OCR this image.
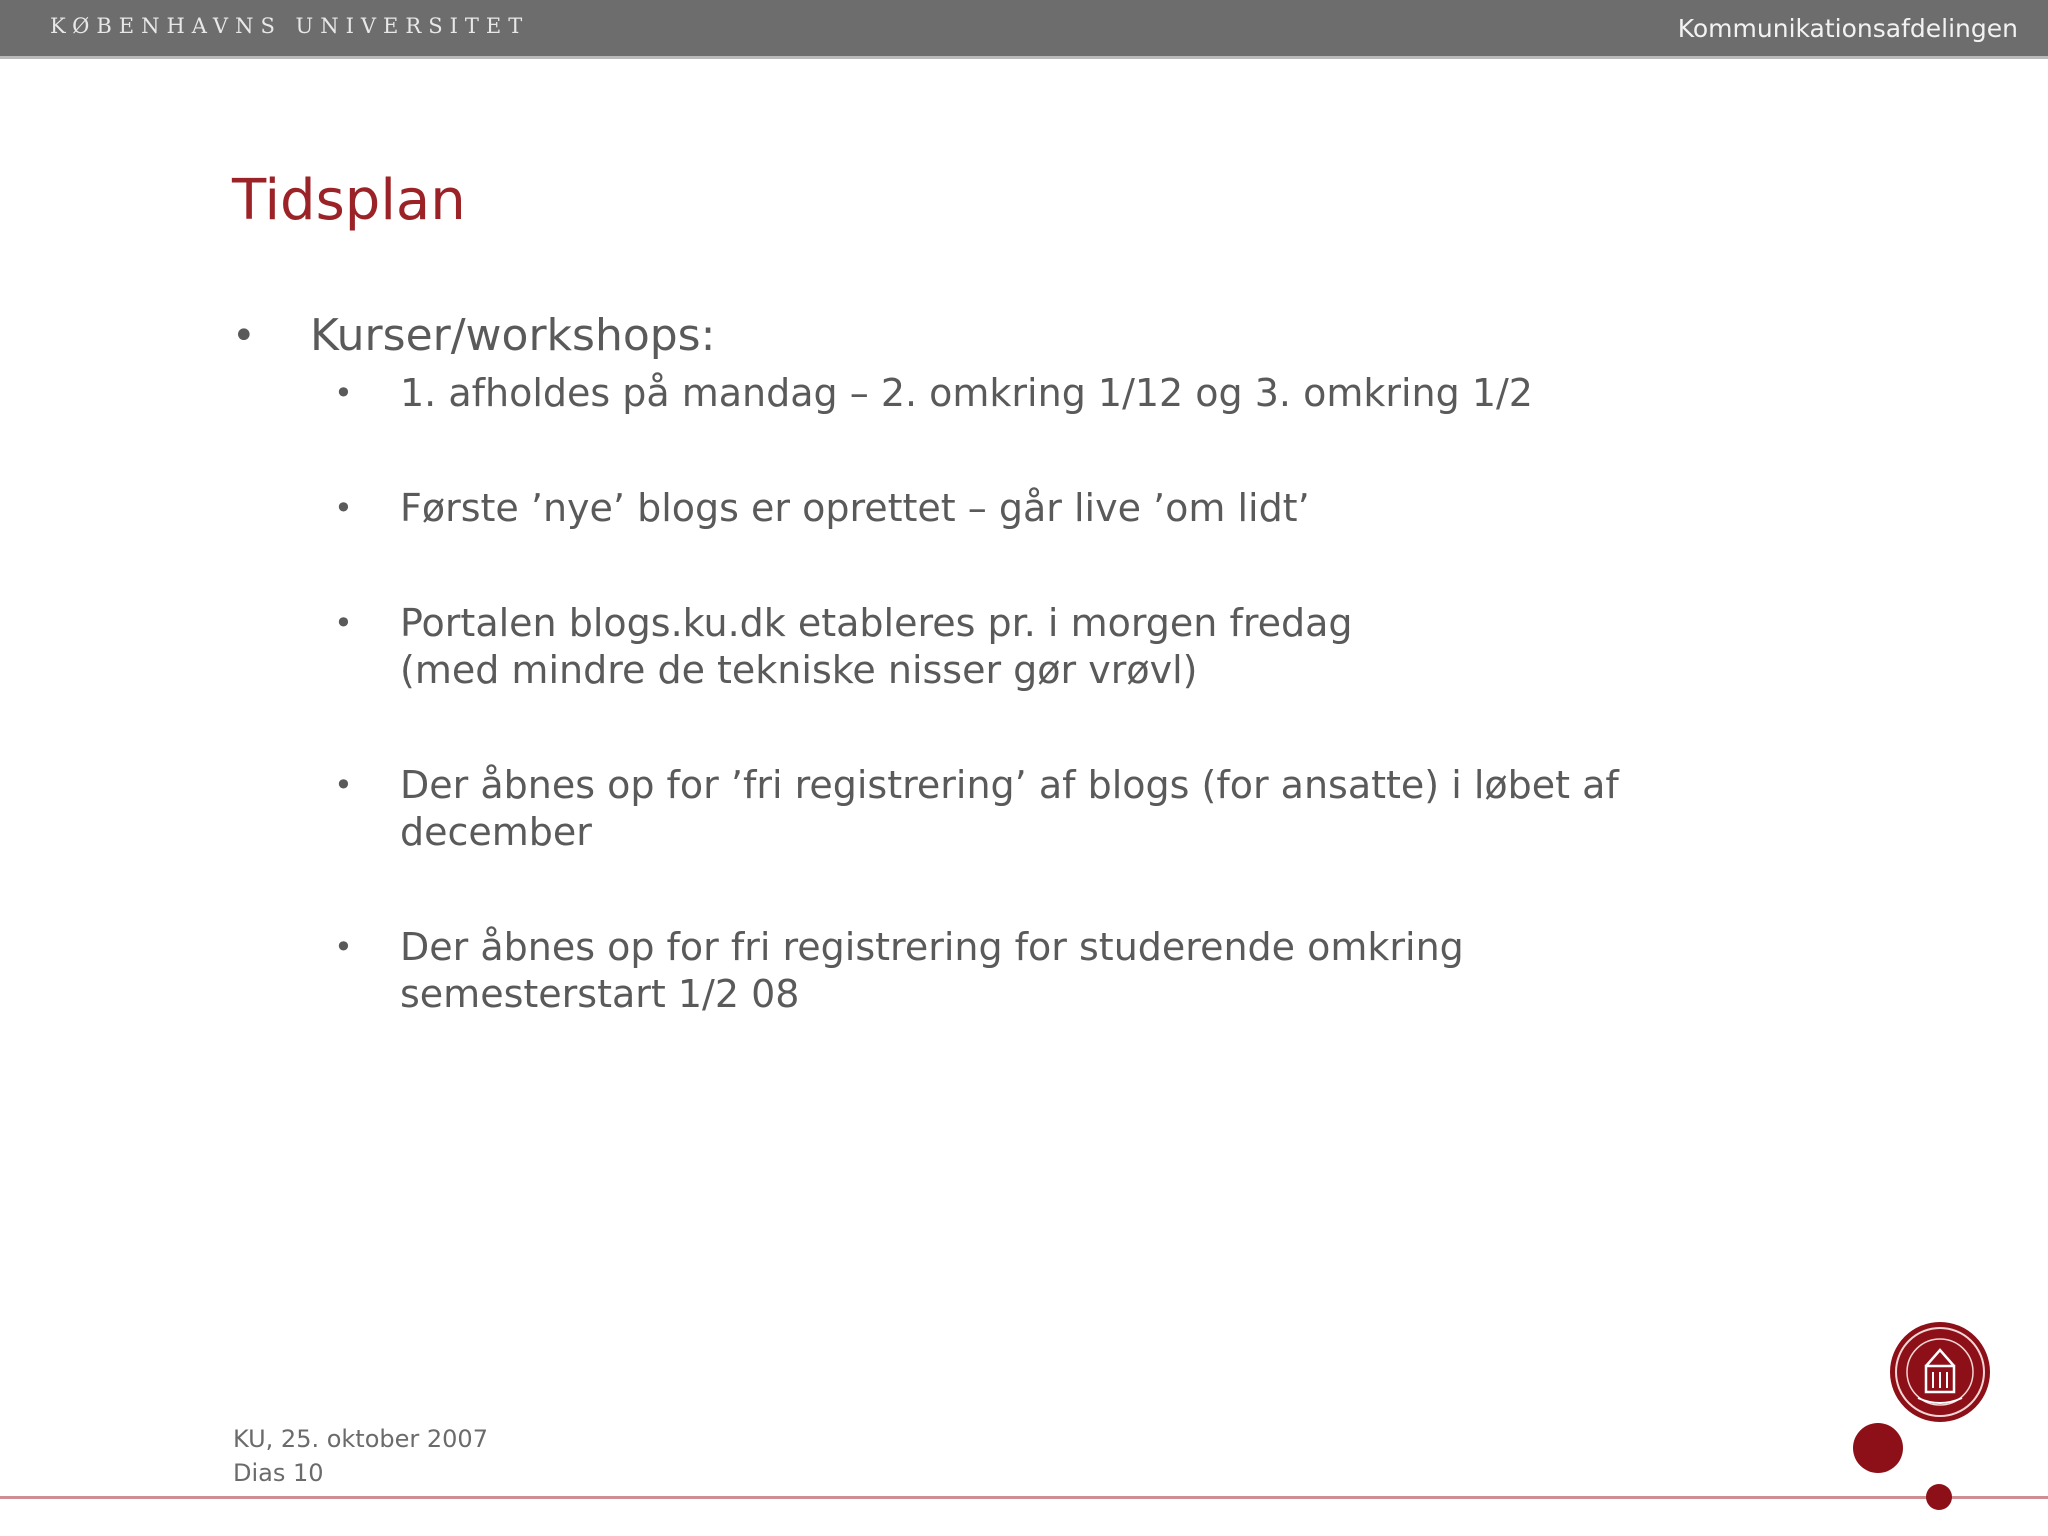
KØBENHAVNS UNIVERSITET	Kommunikationsafdelingen
Tidsplan
• Kurser/workshops:
• 1. afholdes på mandag – 2. omkring 1/12 og 3. omkring 1/2
• Første ’nye’ blogs er oprettet – går live ’om lidt’
• Portalen blogs.ku.dk etableres pr. i morgen fredag
(med mindre de tekniske nisser gør vrøvl)
• Der åbnes op for ’fri registrering’ af blogs (for ansatte) i løbet af
december
• Der åbnes op for fri registrering for studerende omkring
semesterstart 1/2 08
KU, 25. oktober 2007
Dias 10
